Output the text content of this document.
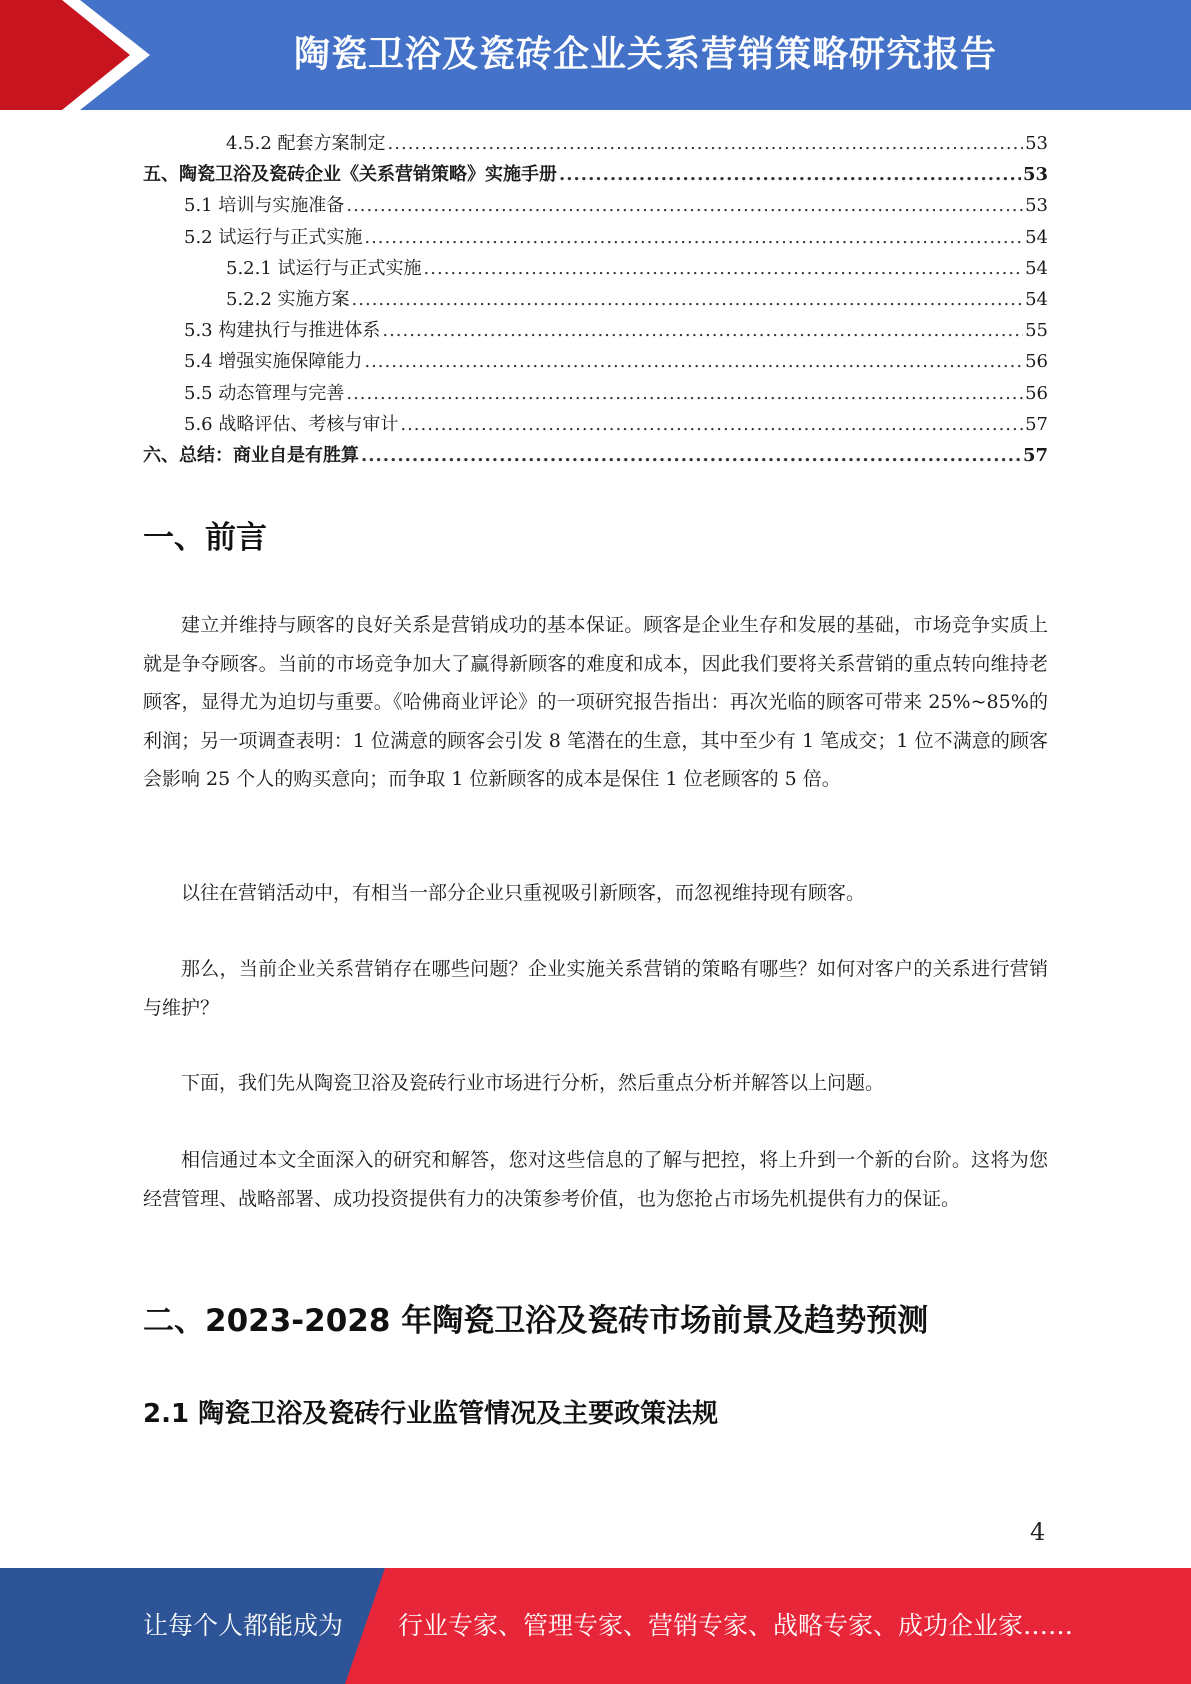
陶瓷卫浴及瓷砖企业关系营销策略研究报告
4.5.2 配套方案制定 .....	53
五、陶瓷卫浴及瓷砖企业《关系营销策略》实施手册 .....	53
5.1 培训与实施准备 .....	53
5.2 试运行与正式实施 .....	54
5.2.1 试运行与正式实施 .....	54
5.2.2 实施方案 .....	54
5.3 构建执行与推进体系 .....	55
5.4 增强实施保障能力 .....	56
5.5 动态管理与完善 .....	56
5.6 战略评估、考核与审计 .....	57
六、总结：商业自是有胜算 .....	57
一、前言

建立并维持与顾客的良好关系是营销成功的基本保证。顾客是企业生存和发展的基础，市场竞争实质上就是争夺顾客。当前的市场竞争加大了赢得新顾客的难度和成本，因此我们要将关系营销的重点转向维持老顾客，显得尤为迫切与重要。《哈佛商业评论》的一项研究报告指出：再次光临的顾客可带来 25%~85%的利润；另一项调查表明：1 位满意的顾客会引发 8 笔潜在的生意，其中至少有 1 笔成交；1 位不满意的顾客会影响 25 个人的购买意向；而争取 1 位新顾客的成本是保住 1 位老顾客的 5 倍。

以往在营销活动中，有相当一部分企业只重视吸引新顾客，而忽视维持现有顾客。

那么，当前企业关系营销存在哪些问题？企业实施关系营销的策略有哪些？如何对客户的关系进行营销与维护？

下面，我们先从陶瓷卫浴及瓷砖行业市场进行分析，然后重点分析并解答以上问题。

相信通过本文全面深入的研究和解答，您对这些信息的了解与把控，将上升到一个新的台阶。这将为您经营管理、战略部署、成功投资提供有力的决策参考价值，也为您抢占市场先机提供有力的保证。

二、2023-2028 年陶瓷卫浴及瓷砖市场前景及趋势预测
2.1 陶瓷卫浴及瓷砖行业监管情况及主要政策法规
4
让每个人都能成为 行业专家、管理专家、营销专家、战略专家、成功企业家……
